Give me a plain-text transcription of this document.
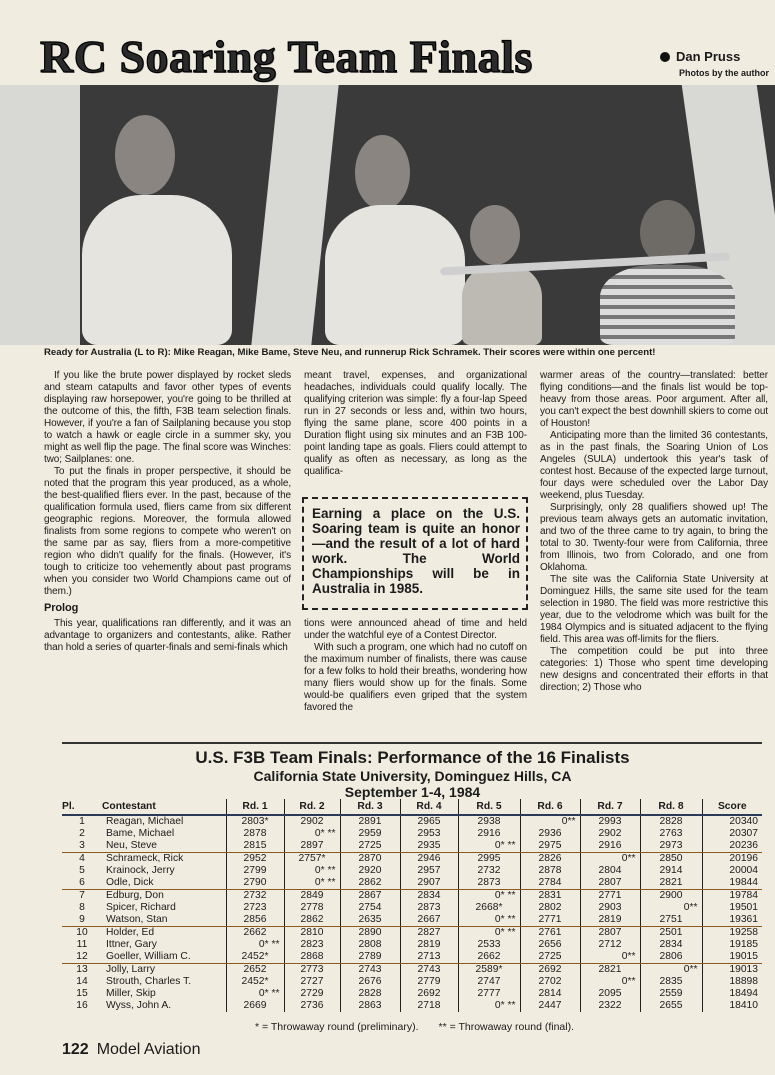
RC Soaring Team Finals	Dan Pruss
Photos by the author
Ready for Australia (L to R): Mike Reagan, Mike Bame, Steve Neu, and runnerup Rick Schramek. Their scores were within one percent!

If you like the brute power displayed by rocket sleds and steam catapults and favor other types of events displaying raw horsepower, you're going to be thrilled at the outcome of this, the fifth, F3B team selection finals. However, if you're a fan of Sailplaning because you stop to watch a hawk or eagle circle in a summer sky, you might as well flip the page. The final score was Winches: two; Sailplanes: one.

To put the finals in proper perspective, it should be noted that the program this year produced, as a whole, the best-qualified fliers ever. In the past, because of the qualification formula used, fliers came from six different geographic regions. Moreover, the formula allowed finalists from some regions to compete who weren't on the same par as say, fliers from a more-competitive region who didn't qualify for the finals. (However, it's tough to criticize too vehemently about past programs when you consider two World Champions came out of them.)

Prolog

This year, qualifications ran differently, and it was an advantage to organizers and contestants, alike. Rather than hold a series of quarter-finals and semi-finals which

meant travel, expenses, and organizational headaches, individuals could qualify locally. The qualifying criterion was simple: fly a four-lap Speed run in 27 seconds or less and, within two hours, flying the same plane, score 400 points in a Duration flight using six minutes and an F3B 100-point landing tape as goals. Fliers could attempt to qualify as often as necessary, as long as the qualifica-

Earning a place on the U.S. Soaring team is quite an honor—and the result of a lot of hard work. The World Championships will be in Australia in 1985.

tions were announced ahead of time and held under the watchful eye of a Contest Director.

With such a program, one which had no cutoff on the maximum number of finalists, there was cause for a few folks to hold their breaths, wondering how many fliers would show up for the finals. Some would-be qualifiers even griped that the system favored the

warmer areas of the country—translated: better flying conditions—and the finals list would be top-heavy from those areas. Poor argument. After all, you can't expect the best downhill skiers to come out of Houston!

Anticipating more than the limited 36 contestants, as in the past finals, the Soaring Union of Los Angeles (SULA) undertook this year's task of contest host. Because of the expected large turnout, four days were scheduled over the Labor Day weekend, plus Tuesday.

Surprisingly, only 28 qualifiers showed up! The previous team always gets an automatic invitation, and two of the three came to try again, to bring the total to 30. Twenty-four were from California, three from Illinois, two from Colorado, and one from Oklahoma.

The site was the California State University at Dominguez Hills, the same site used for the team selection in 1980. The field was more restrictive this year, due to the velodrome which was built for the 1984 Olympics and is situated adjacent to the flying field. This area was off-limits for the fliers.

The competition could be put into three categories: 1) Those who spent time developing new designs and concentrated their efforts in that direction; 2) Those who

U.S. F3B Team Finals: Performance of the 16 Finalists
California State University, Dominguez Hills, CA
September 1-4, 1984
Pl.	Contestant	Rd. 1	Rd. 2	Rd. 3	Rd. 4	Rd. 5	Rd. 6	Rd. 7	Rd. 8	Score
1	Reagan, Michael	2803*	2902	2891	2965	2938	0**	2993	2828	20340
2	Bame, Michael	2878	0* **	2959	2953	2916	2936	2902	2763	20307
3	Neu, Steve	2815	2897	2725	2935	0* **	2975	2916	2973	20236
4	Schrameck, Rick	2952	2757*	2870	2946	2995	2826	0**	2850	20196
5	Krainock, Jerry	2799	0* **	2920	2957	2732	2878	2804	2914	20004
6	Odle, Dick	2790	0* **	2862	2907	2873	2784	2807	2821	19844
7	Edburg, Don	2732	2849	2867	2834	0* **	2831	2771	2900	19784
8	Spicer, Richard	2723	2778	2754	2873	2668*	2802	2903	0**	19501
9	Watson, Stan	2856	2862	2635	2667	0* **	2771	2819	2751	19361
10	Holder, Ed	2662	2810	2890	2827	0* **	2761	2807	2501	19258
11	Ittner, Gary	0* **	2823	2808	2819	2533	2656	2712	2834	19185
12	Goeller, William C.	2452*	2868	2789	2713	2662	2725	0**	2806	19015
13	Jolly, Larry	2652	2773	2743	2743	2589*	2692	2821	0**	19013
14	Strouth, Charles T.	2452*	2727	2676	2779	2747	2702	0**	2835	18898
15	Miller, Skip	0* **	2729	2828	2692	2777	2814	2095	2559	18494
16	Wyss, John A.	2669	2736	2863	2718	0* **	2447	2322	2655	18410
* = Throwaway round (preliminary). ** = Throwaway round (final).
122 Model Aviation
